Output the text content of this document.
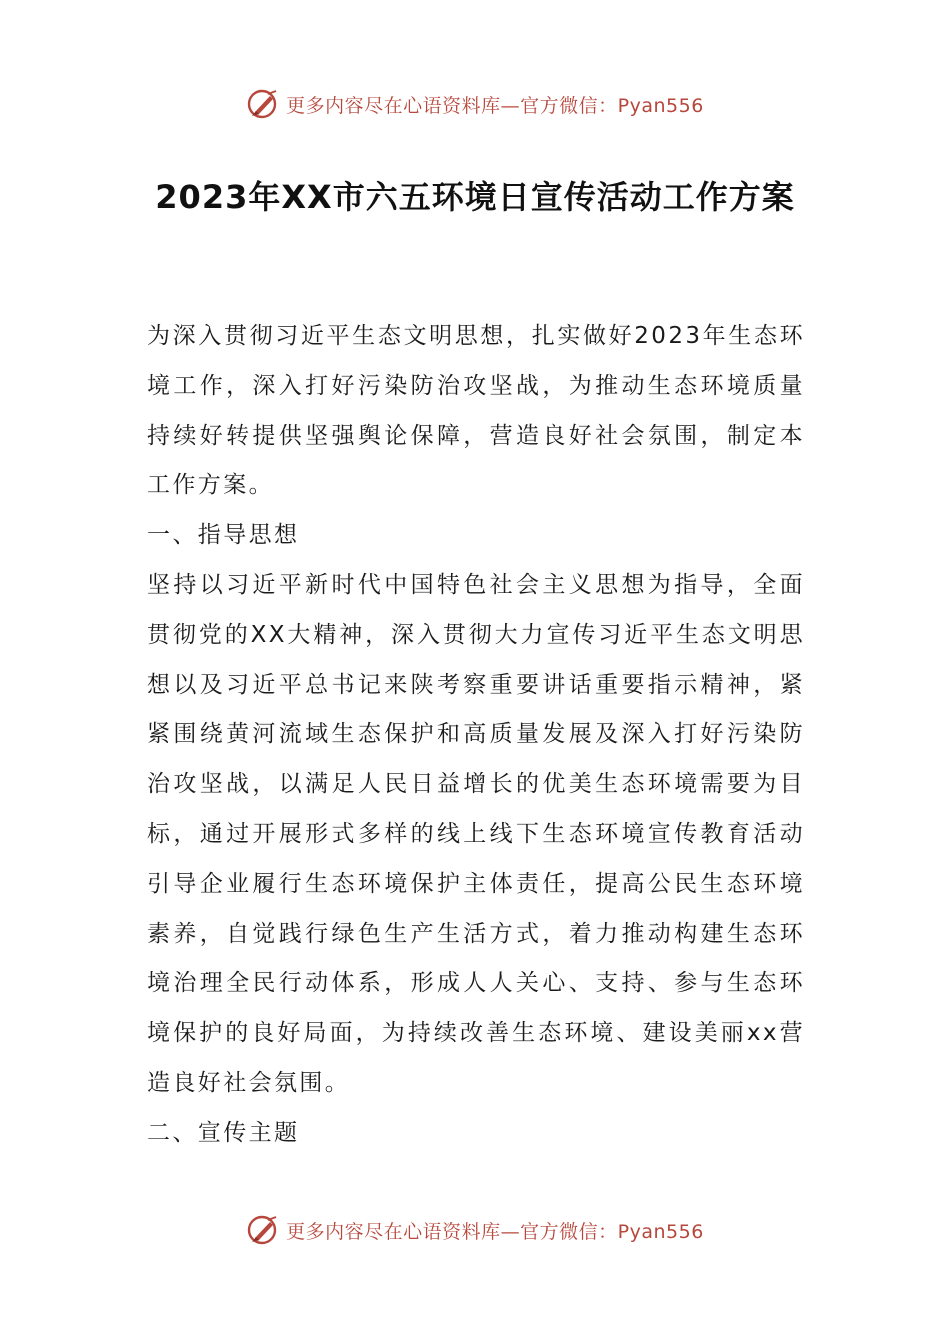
更多内容尽在心语资料库—官方微信：Pyan556
2023年XX市六五环境日宣传活动工作方案

为深入贯彻习近平生态文明思想，扎实做好2023年生态环境工作，深入打好污染防治攻坚战，为推动生态环境质量持续好转提供坚强舆论保障，营造良好社会氛围，制定本工作方案。

一、指导思想

坚持以习近平新时代中国特色社会主义思想为指导，全面贯彻党的XX大精神，深入贯彻大力宣传习近平生态文明思想以及习近平总书记来陕考察重要讲话重要指示精神，紧紧围绕黄河流域生态保护和高质量发展及深入打好污染防治攻坚战，以满足人民日益增长的优美生态环境需要为目标，通过开展形式多样的线上线下生态环境宣传教育活动引导企业履行生态环境保护主体责任，提高公民生态环境素养，自觉践行绿色生产生活方式，着力推动构建生态环境治理全民行动体系，形成人人关心、支持、参与生态环境保护的良好局面，为持续改善生态环境、建设美丽xx营造良好社会氛围。

二、宣传主题

更多内容尽在心语资料库—官方微信：Pyan556
